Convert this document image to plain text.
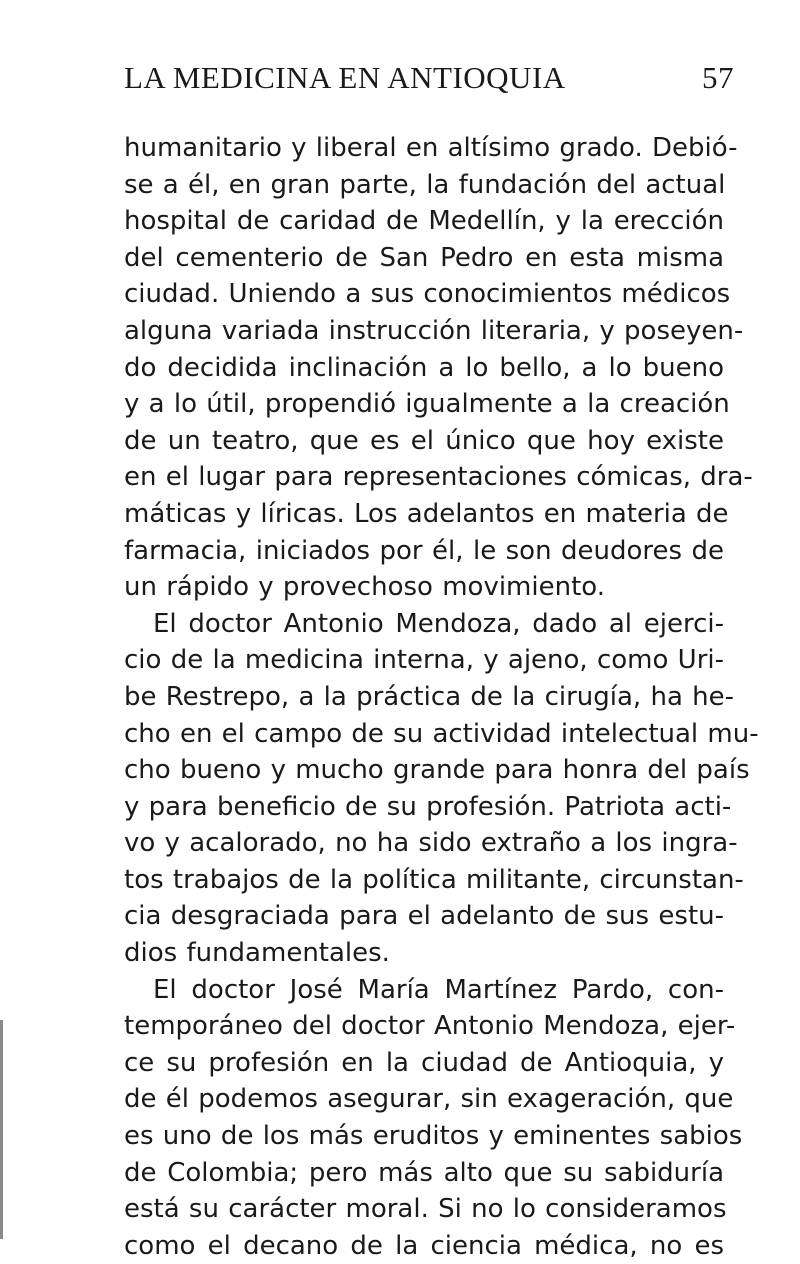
LA MEDICINA EN ANTIOQUIA	57
humanitario y liberal en altísimo grado. Debió-
se a él, en gran parte, la fundación del actual
hospital de caridad de Medellín, y la erección
del cementerio de San Pedro en esta misma
ciudad. Uniendo a sus conocimientos médicos
alguna variada instrucción literaria, y poseyen-
do decidida inclinación a lo bello, a lo bueno
y a lo útil, propendió igualmente a la creación
de un teatro, que es el único que hoy existe
en el lugar para representaciones cómicas, dra-
máticas y líricas. Los adelantos en materia de
farmacia, iniciados por él, le son deudores de
un rápido y provechoso movimiento.
El doctor Antonio Mendoza, dado al ejerci-
cio de la medicina interna, y ajeno, como Uri-
be Restrepo, a la práctica de la cirugía, ha he-
cho en el campo de su actividad intelectual mu-
cho bueno y mucho grande para honra del país
y para beneficio de su profesión. Patriota acti-
vo y acalorado, no ha sido extraño a los ingra-
tos trabajos de la política militante, circunstan-
cia desgraciada para el adelanto de sus estu-
dios fundamentales.
El doctor José María Martínez Pardo, con-
temporáneo del doctor Antonio Mendoza, ejer-
ce su profesión en la ciudad de Antioquia, y
de él podemos asegurar, sin exageración, que
es uno de los más eruditos y eminentes sabios
de Colombia; pero más alto que su sabiduría
está su carácter moral. Si no lo consideramos
como el decano de la ciencia médica, no es
